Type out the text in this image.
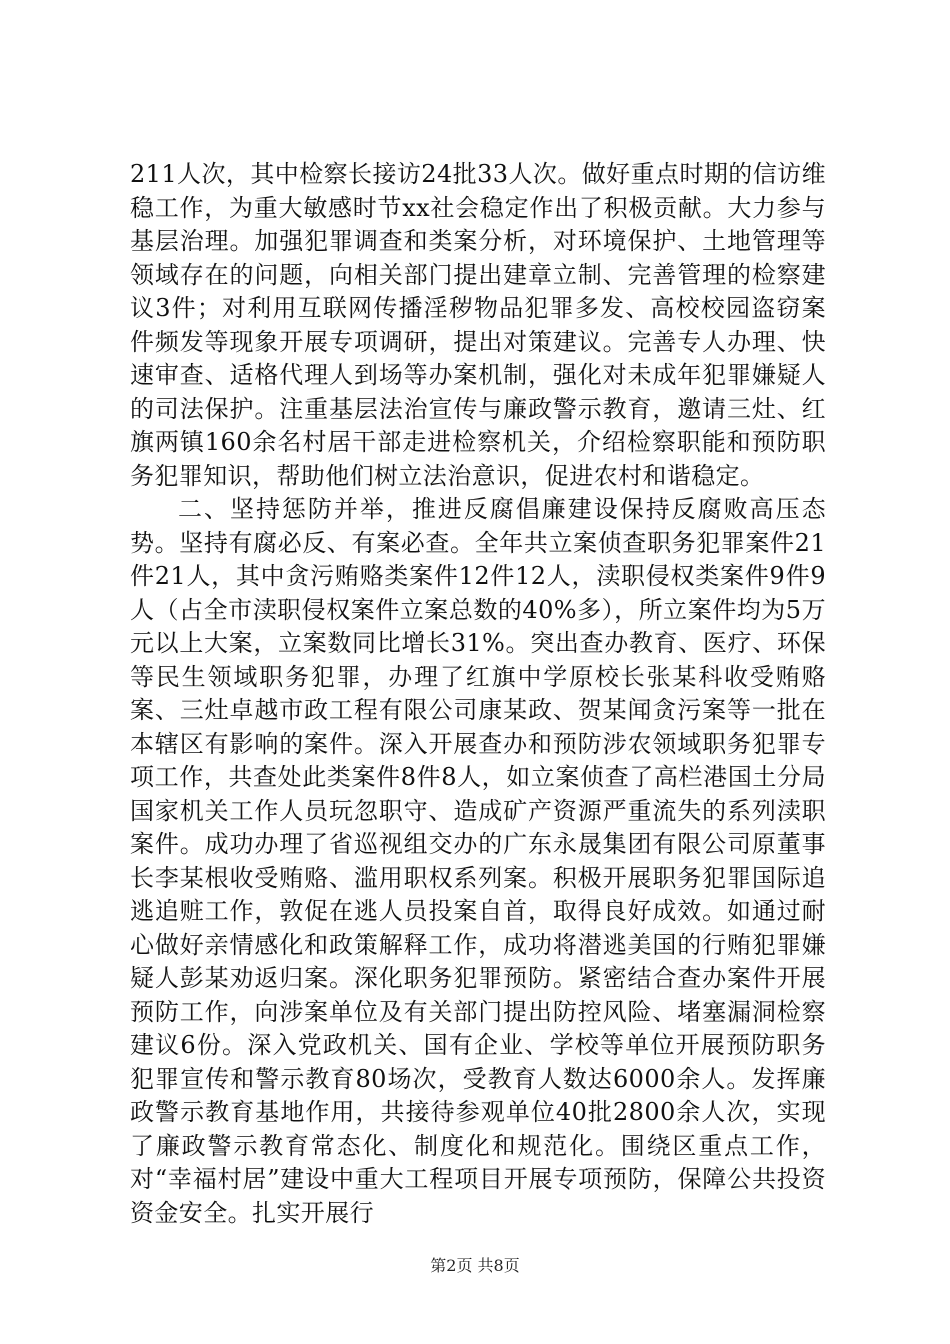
211人次，其中检察长接访24批33人次。做好重点时期的信访维稳工作，为重大敏感时节xx社会稳定作出了积极贡献。大力参与基层治理。加强犯罪调查和类案分析，对环境保护、土地管理等领域存在的问题，向相关部门提出建章立制、完善管理的检察建议3件；对利用互联网传播淫秽物品犯罪多发、高校校园盗窃案件频发等现象开展专项调研，提出对策建议。完善专人办理、快速审查、适格代理人到场等办案机制，强化对未成年犯罪嫌疑人的司法保护。注重基层法治宣传与廉政警示教育，邀请三灶、红旗两镇160余名村居干部走进检察机关，介绍检察职能和预防职务犯罪知识，帮助他们树立法治意识，促进农村和谐稳定。

二、坚持惩防并举，推进反腐倡廉建设保持反腐败高压态势。坚持有腐必反、有案必查。全年共立案侦查职务犯罪案件21件21人，其中贪污贿赂类案件12件12人，渎职侵权类案件9件9人（占全市渎职侵权案件立案总数的40%多），所立案件均为5万元以上大案，立案数同比增长31%。突出查办教育、医疗、环保等民生领域职务犯罪，办理了红旗中学原校长张某科收受贿赂案、三灶卓越市政工程有限公司康某政、贺某闻贪污案等一批在本辖区有影响的案件。深入开展查办和预防涉农领域职务犯罪专项工作，共查处此类案件8件8人，如立案侦查了高栏港国土分局国家机关工作人员玩忽职守、造成矿产资源严重流失的系列渎职案件。成功办理了省巡视组交办的广东永晟集团有限公司原董事长李某根收受贿赂、滥用职权系列案。积极开展职务犯罪国际追逃追赃工作，敦促在逃人员投案自首，取得良好成效。如通过耐心做好亲情感化和政策解释工作，成功将潜逃美国的行贿犯罪嫌疑人彭某劝返归案。深化职务犯罪预防。紧密结合查办案件开展预防工作，向涉案单位及有关部门提出防控风险、堵塞漏洞检察建议6份。深入党政机关、国有企业、学校等单位开展预防职务犯罪宣传和警示教育80场次，受教育人数达6000余人。发挥廉政警示教育基地作用，共接待参观单位40批2800余人次，实现了廉政警示教育常态化、制度化和规范化。围绕区重点工作，对“幸福村居”建设中重大工程项目开展专项预防，保障公共投资资金安全。扎实开展行

第2页 共8页
